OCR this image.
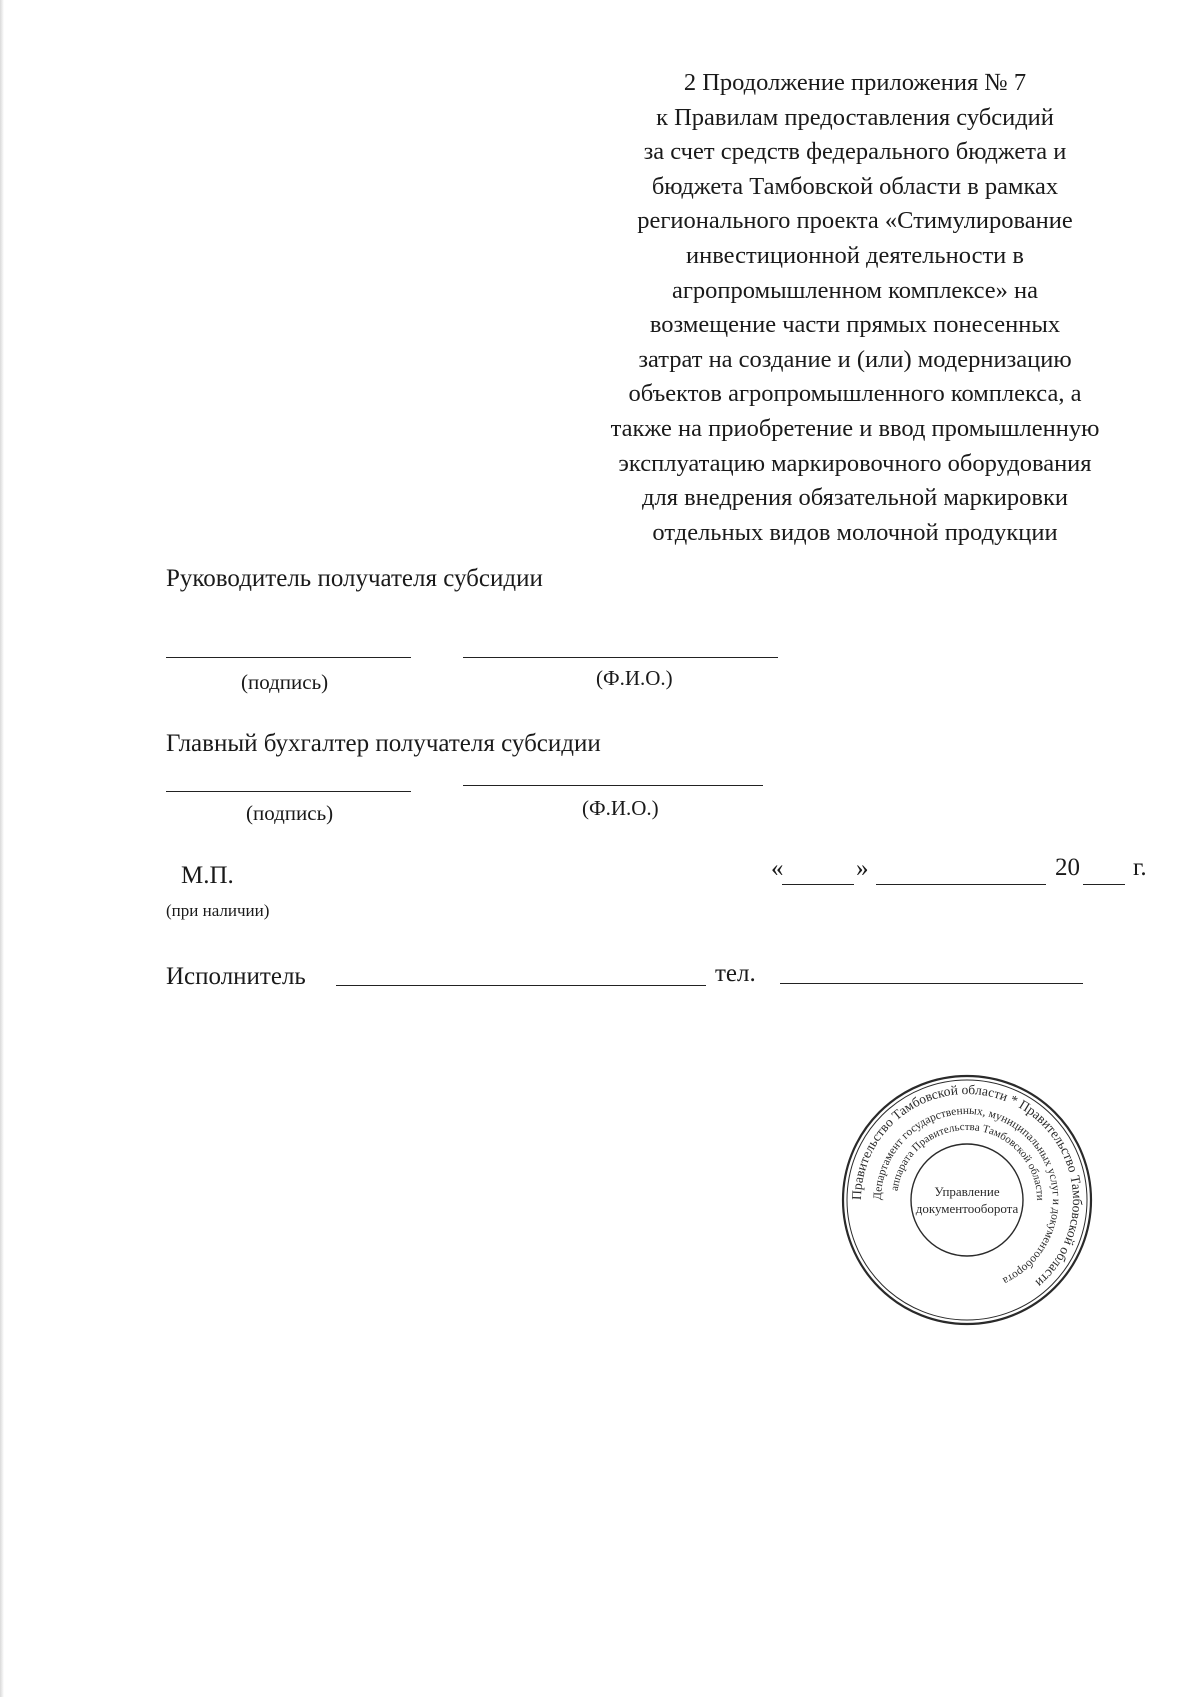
2 Продолжение приложения № 7
к Правилам предоставления субсидий
за счет средств федерального бюджета и
бюджета Тамбовской области в рамках
регионального проекта «Стимулирование
инвестиционной деятельности в
агропромышленном комплексе» на
возмещение части прямых понесенных
затрат на создание и (или) модернизацию
объектов агропромышленного комплекса, а
также на приобретение и ввод промышленную
эксплуатацию маркировочного оборудования
для внедрения обязательной маркировки
отдельных видов молочной продукции
Руководитель получателя субсидии
(подпись)	(Ф.И.О.)
Главный бухгалтер получателя субсидии
(подпись)	(Ф.И.О.)
М.П.
(при наличии)
«	»	20 г.
Исполнитель	тел.
Правительство Тамбовской области * Правительство Тамбовской области
Департамент государственных, муниципальных услуг и документооборота
аппарата Правительства Тамбовской области
Управление
документооборота
